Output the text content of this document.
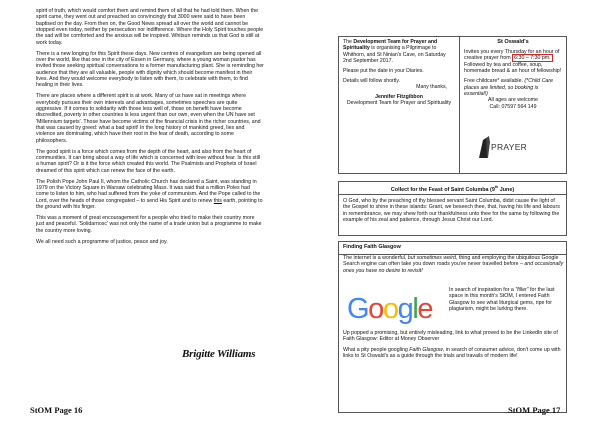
spirit of truth, which would comfort them and remind them of all that he had told them. When the spirit came, they went out and preached so convincingly that 3000 were said to have been baptised on the day. From then on, the Good News spread all over the world and cannot be stopped even today, neither by persecution nor indifference. Where the Holy Spirit touches people the sad will be comforted and the anxious will be inspired. Whitsun reminds us that God is still at work today.

There is a new longing for this Spirit these days. New centres of evangelism are being opened all over the world, like that one in the city of Essen in Germany, where a young woman pastor has invited those seeking spiritual conversations to a former manufacturing plant. She is reminding her audience that they are all valuable, people with dignity which should become manifest in their lives. And they would welcome everybody to listen with them, to celebrate with them, to find healing in their lives.

There are places where a different spirit is at work. Many of us have sat in meetings where everybody pursues their own interests and advantages, sometimes speeches are quite aggressive. If it comes to solidarity with those less well of, those on benefit have become discredited, poverty in other countries is less urgent than our own, even when the UN have set 'Millennium targets'. Those have become victims of the financial crisis in the richer countries, and that was caused by greed: what a bad spirit! In the long history of mankind greed, lies and violence are dominating, which have their root in the fear of death, according to some philosophers.

The good spirit is a force which comes from the depth of the heart, and also from the heart of communities. It can bring about a way of life which is concerned with love without fear. Is this still a human spirit? Or is it the force which created this world. The Psalmists and Prophets of Israel dreamed of this spirit which can renew the face of the earth.

The Polish Pope John Paul II, whom the Catholic Church has declared a Saint, was standing in 1979 on the Victory Square in Warsaw celebrating Mass. It was said that a million Poles had come to listen to him, who had suffered from the yoke of communism. And the Pope called to the Lord, over the heads of those congregated – to send His Spirit and to renew this earth, pointing to the ground with his finger.

This was a moment of great encouragement for a people who tried to make their country more just and peaceful. 'Solidarnosc' was not only the name of a trade union but a programme to make the country more loving.

We all need such a programme of justice, peace and joy.

Brigitte Williams
StOM Page 16

The Development Team for Prayer and Spirituality is organising a Pilgrimage to Whithorn, and St Ninian's Cave, on Saturday 2nd September 2017.

Please put the date in your Diaries.

Details will follow shortly.

Many thanks,

Jennifer Fitzgibbon
Development Team for Prayer and Spirituality

St Oswald's

Invites you every Thursday for an hour of creative prayer from 6:30 – 7:30 pm.

Followed by tea and coffee, soup, homemade bread & an hour of fellowship!

Free childcare* available. (*Child Care places are limited, so booking is essential!)

All ages are welcome

Call: 07597 564 149

PRAYER
Collect for the Feast of Saint Columba (9th June)
O God, who by the preaching of thy blessed servant Saint Columba, didst cause the light of the Gospel to shine in these islands: Grant, we beseech thee, that, having his life and labours in remembrance, we may shew forth our thankfulness unto thee for the same by following the example of his zeal and patience, through Jesus Christ our Lord.
Finding Faith Glasgow
The internet is a wonderful, but sometimes weird, thing and employing the ubiquitous Google Search engine can often take you down roads you've never travelled before – and occasionally ones you have no desire to revisit!
Google
In search of inspiration for a "filler" for the last space in this month's StOM, I entered Faith Glasgow to see what liturgical gems, ripe for plagiarism, might be lurking there.

Up popped a promising, but entirely misleading, link to what proved to be the LinkedIn site of Faith Glasgow: Editor at Money Observer

What a pity people googling Faith Glasgow, in search of consumer advice, don't come up with links to St Oswald's as a guide through the trials and travails of modern life!

StOM Page 17
